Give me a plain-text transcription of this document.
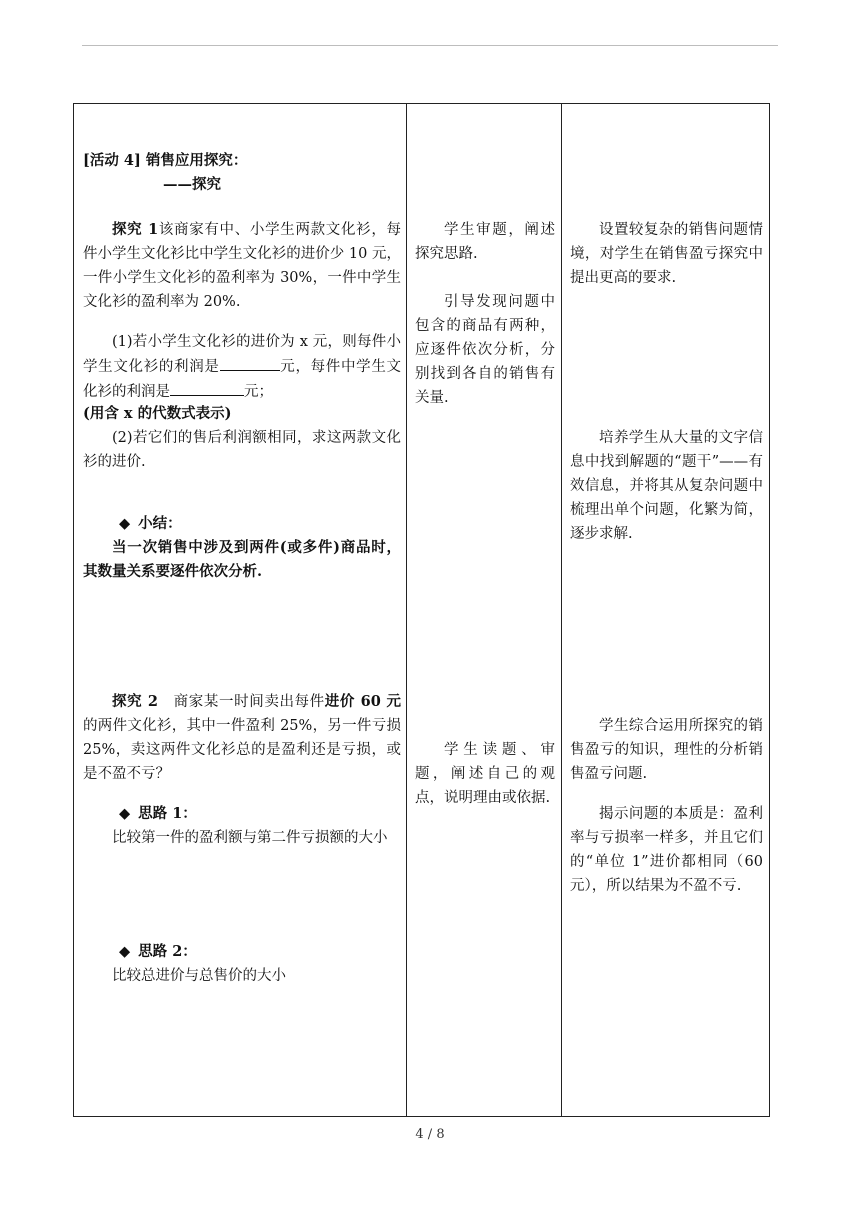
[活动 4] 销售应用探究：

——探究

探究 1该商家有中、小学生两款文化衫，每件小学生文化衫比中学生文化衫的进价少 10 元，一件小学生文化衫的盈利率为 30%，一件中学生文化衫的盈利率为 20%.

(1)若小学生文化衫的进价为 x 元，则每件小学生文化衫的利润是	元，每件中学生文化衫的利润是	元；

(用含 x 的代数式表示)

(2)若它们的售后利润额相同，求这两款文化衫的进价.

◆ 小结：

当一次销售中涉及到两件(或多件)商品时，其数量关系要逐件依次分析.

探究 2 商家某一时间卖出每件进价 60 元的两件文化衫，其中一件盈利 25%，另一件亏损 25%，卖这两件文化衫总的是盈利还是亏损，或是不盈不亏？

◆ 思路 1：

比较第一件的盈利额与第二件亏损额的大小

◆ 思路 2：

比较总进价与总售价的大小

学生审题，阐述探究思路.

引导发现问题中包含的商品有两种，应逐件依次分析，分别找到各自的销售有关量.

学生读题、审题，阐述自己的观点，说明理由或依据.

设置较复杂的销售问题情境，对学生在销售盈亏探究中提出更高的要求.

培养学生从大量的文字信息中找到解题的“题干”——有效信息，并将其从复杂问题中梳理出单个问题，化繁为简，逐步求解.

学生综合运用所探究的销售盈亏的知识，理性的分析销售盈亏问题.

揭示问题的本质是：盈利率与亏损率一样多，并且它们的“单位 1”进价都相同（60 元），所以结果为不盈不亏.

4 / 8
